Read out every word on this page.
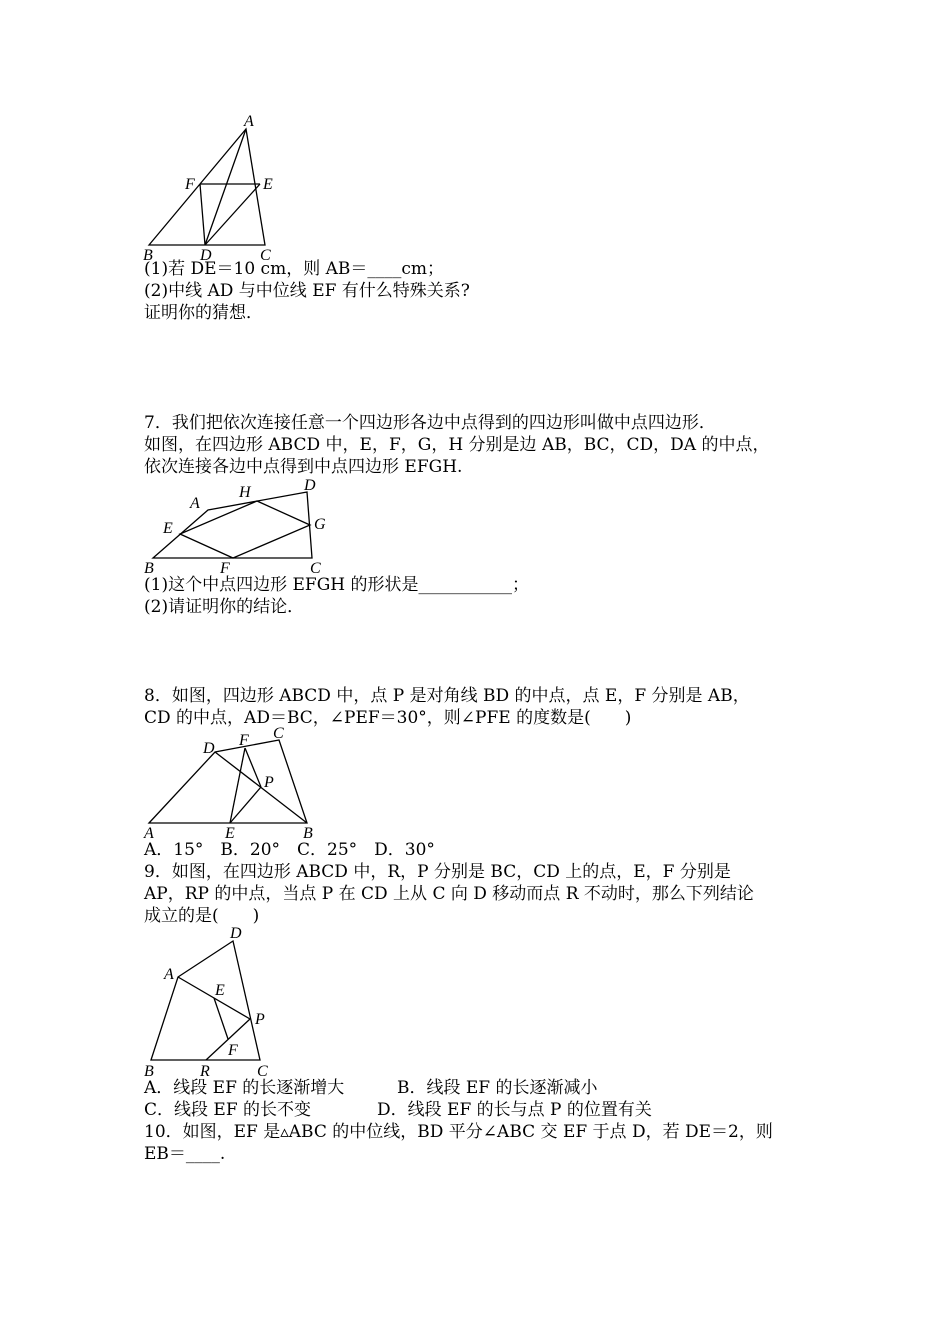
A
F	E
B	D	C
(1)若 DE＝10 cm，则 AB＝____cm；
(2)中线 AD 与中位线 EF 有什么特殊关系?
证明你的猜想．
7．我们把依次连接任意一个四边形各边中点得到的四边形叫做中点四边形．
如图，在四边形 ABCD 中，E，F，G，H 分别是边 AB，BC，CD，DA 的中点，
依次连接各边中点得到中点四边形 EFGH.
A
H	D
E	G
B	F	C
(1)这个中点四边形 EFGH 的形状是___________；
(2)请证明你的结论．
8．如图，四边形 ABCD 中，点 P 是对角线 BD 的中点，点 E，F 分别是 AB，
CD 的中点，AD＝BC，∠PEF＝30°，则∠PFE 的度数是(　　)
D F C
P
A	E	B
A．15°　B．20°　C．25°　D．30°
9．如图，在四边形 ABCD 中，R，P 分别是 BC，CD 上的点，E，F 分别是
AP，RP 的中点，当点 P 在 CD 上从 C 向 D 移动而点 R 不动时，那么下列结论
成立的是(　　)
D
A
E
P
F
B	R	C
A．线段 EF 的长逐渐增大	B．线段 EF 的长逐渐减小
C．线段 EF 的长不变	D．线段 EF 的长与点 P 的位置有关
10．如图，EF 是▵ABC 的中位线，BD 平分∠ABC 交 EF 于点 D，若 DE＝2，则
EB＝____.
